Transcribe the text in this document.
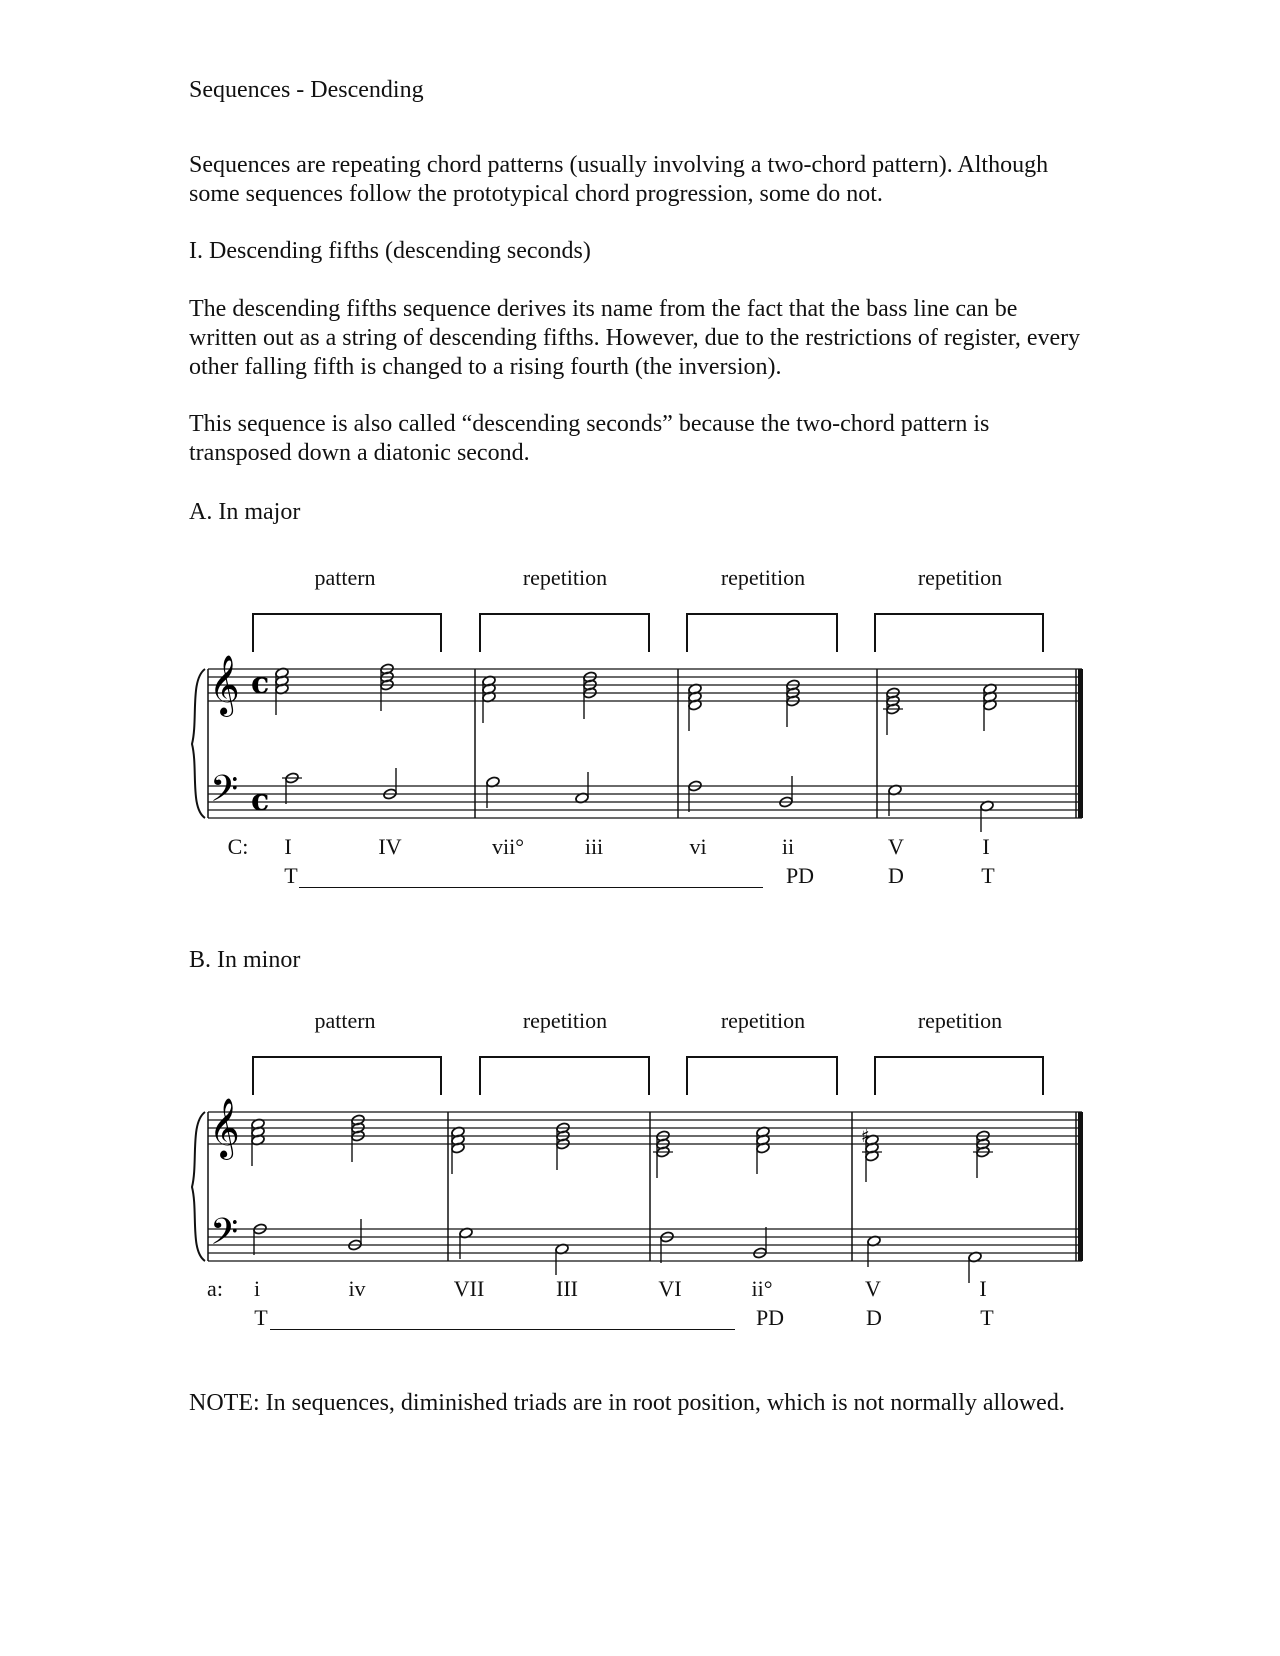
Sequences - Descending
Sequences are repeating chord patterns (usually involving a two-chord pattern). Although some sequences follow the prototypical chord progression, some do not.
I. Descending fifths (descending seconds)
The descending fifths sequence derives its name from the fact that the bass line can be written out as a string of descending fifths. However, due to the restrictions of register, every other falling fifth is changed to a rising fourth (the inversion).
This sequence is also called “descending seconds” because the two-chord pattern is transposed down a diatonic second.
A. In major
pattern	repetition	repetition	repetition
𝄞
𝄢
c
c
C: I	IV	vii°	iii	vi	ii	V	I
T	PD	D	T
B. In minor
pattern	repetition	repetition	repetition
𝄞
𝄢
♯
a: i	iv	VII	III	VI	ii°	V	I
T	PD	D	T
NOTE: In sequences, diminished triads are in root position, which is not normally allowed.
